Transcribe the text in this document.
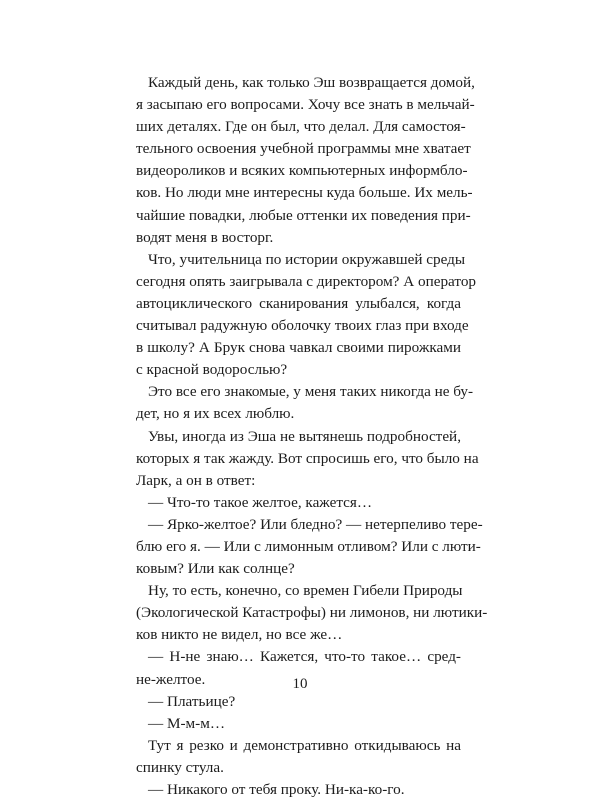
Каждый день, как только Эш возвращается домой,
я засыпаю его вопросами. Хочу все знать в мельчай-
ших деталях. Где он был, что делал. Для самостоя-
тельного освоения учебной программы мне хватает
видеороликов и всяких компьютерных информбло-
ков. Но люди мне интересны куда больше. Их мель-
чайшие повадки, любые оттенки их поведения при-
водят меня в восторг.
Что, учительница по истории окружавшей среды
сегодня опять заигрывала с директором? А оператор
автоциклического сканирования улыбался, когда
считывал радужную оболочку твоих глаз при входе
в школу? А Брук снова чавкал своими пирожками
с красной водорослью?
Это все его знакомые, у меня таких никогда не бу-
дет, но я их всех люблю.
Увы, иногда из Эша не вытянешь подробностей,
которых я так жажду. Вот спросишь его, что было на
Ларк, а он в ответ:
— Что-то такое желтое, кажется…
— Ярко-желтое? Или бледно? — нетерпеливо тере-
блю его я. — Или с лимонным отливом? Или с люти-
ковым? Или как солнце?
Ну, то есть, конечно, со времен Гибели Природы
(Экологической Катастрофы) ни лимонов, ни лютики-
ков никто не видел, но все же…
— Н-не знаю… Кажется, что-то такое… сред-
не-желтое.
— Платьице?
— М-м-м…
Тут я резко и демонстративно откидываюсь на
спинку стула.
— Никакого от тебя проку. Ни-ка-ко-го.
10
